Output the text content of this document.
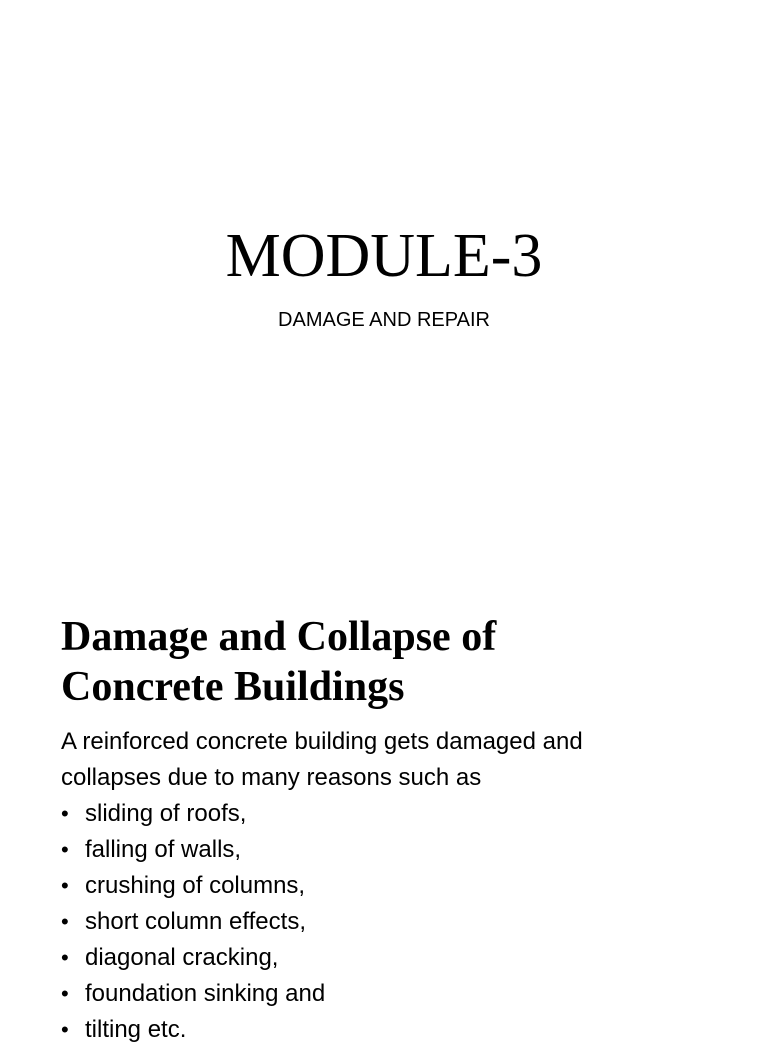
MODULE-3

DAMAGE AND REPAIR

Damage and Collapse of
Concrete Buildings
A reinforced concrete building gets damaged and
collapses due to many reasons such as
• sliding of roofs,
• falling of walls,
• crushing of columns,
• short column effects,
• diagonal cracking,
• foundation sinking and
• tilting etc.
